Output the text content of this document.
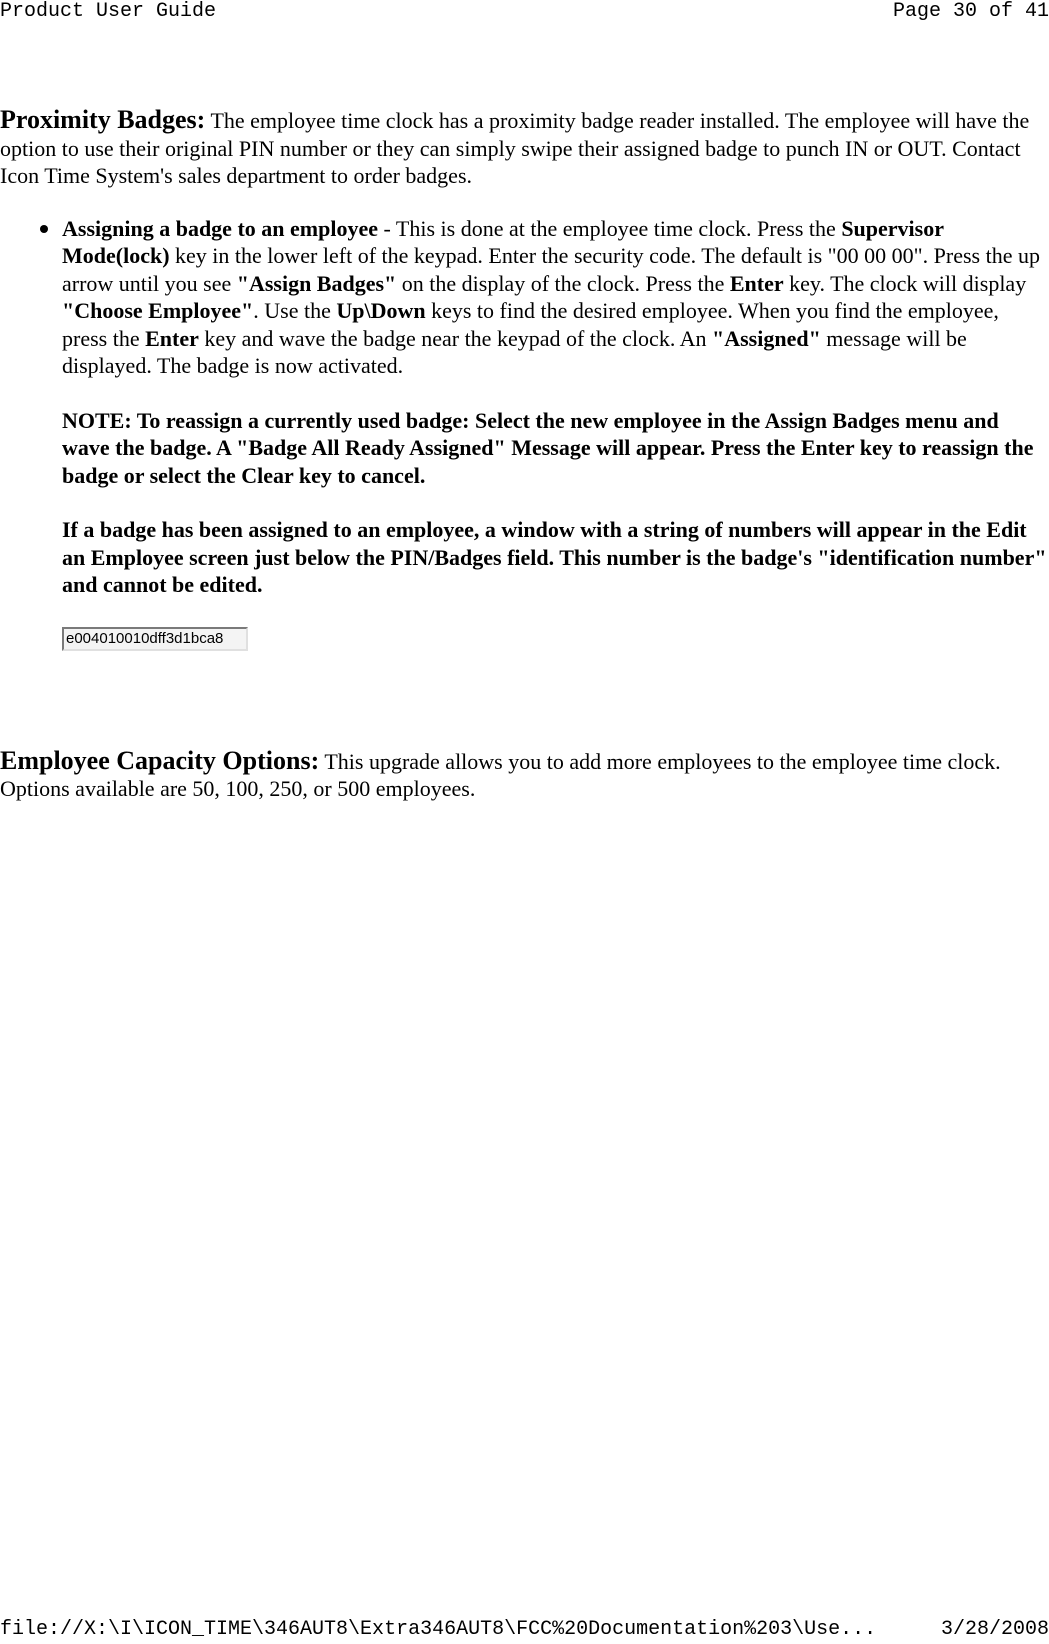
Product User Guide	Page 30 of 41

Proximity Badges: The employee time clock has a proximity badge reader installed. The employee will have the option to use their original PIN number or they can simply swipe their assigned badge to punch IN or OUT. Contact Icon Time System's sales department to order badges.

Assigning a badge to an employee - This is done at the employee time clock. Press the Supervisor Mode(lock) key in the lower left of the keypad. Enter the security code. The default is "00 00 00". Press the up arrow until you see "Assign Badges" on the display of the clock. Press the Enter key. The clock will display "Choose Employee". Use the Up\Down keys to find the desired employee. When you find the employee, press the Enter key and wave the badge near the keypad of the clock. An "Assigned" message will be displayed. The badge is now activated.

NOTE: To reassign a currently used badge: Select the new employee in the Assign Badges menu and wave the badge. A "Badge All Ready Assigned" Message will appear. Press the Enter key to reassign the badge or select the Clear key to cancel.

If a badge has been assigned to an employee, a window with a string of numbers will appear in the Edit an Employee screen just below the PIN/Badges field. This number is the badge's "identification number" and cannot be edited.

e004010010dff3d1bca8

Employee Capacity Options: This upgrade allows you to add more employees to the employee time clock. Options available are 50, 100, 250, or 500 employees.

file://X:\I\ICON_TIME\346AUT8\Extra346AUT8\FCC%20Documentation%203\Use...	3/28/2008
